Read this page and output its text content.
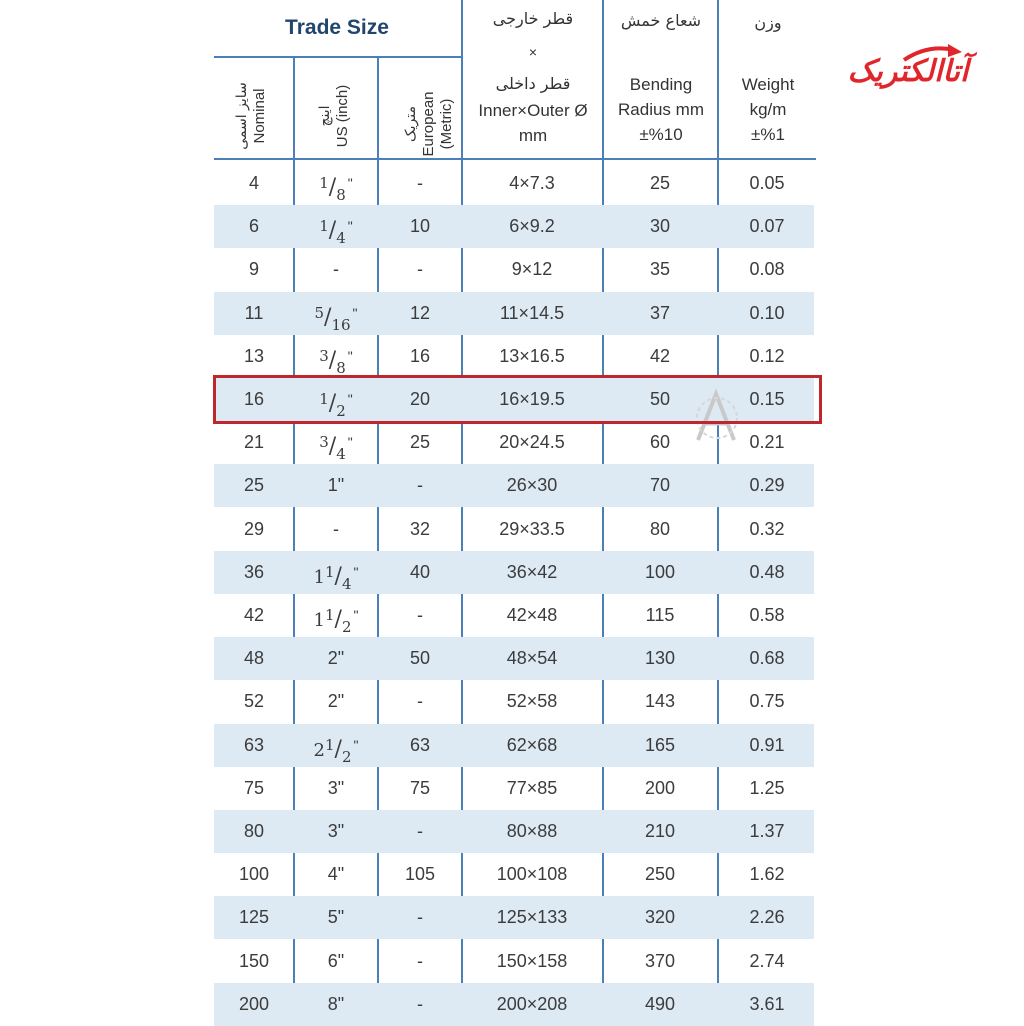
آتاالکتریک
Trade Size
سایز اسمی Nominal	اینچ US (inch)	متریک European (Metric)
قطر خارجی
×
قطر داخلی
Inner×Outer Ø
mm
شعاع خمش
Bending
Radius mm
±%10
وزن
Weight
kg/m
±%1
4	$^1/_8^"$	-	4×7.3	25	0.05
6	$^1/_4^"$	10	6×9.2	30	0.07
9	-	-	9×12	35	0.08
11	$^5/_{16}^"$	12	11×14.5	37	0.10
13	$^3/_8^"$	16	13×16.5	42	0.12
16	$^1/_2^"$	20	16×19.5	50	0.15
21	$^3/_4^"$	25	20×24.5	60	0.21
25	1"	-	26×30	70	0.29
29	-	32	29×33.5	80	0.32
36	$1^1/_4^"$	40	36×42	100	0.48
42	$1^1/_2^"$	-	42×48	115	0.58
48	2"	50	48×54	130	0.68
52	2"	-	52×58	143	0.75
63	$2^1/_2^"$	63	62×68	165	0.91
75	3"	75	77×85	200	1.25
80	3"	-	80×88	210	1.37
100	4"	105	100×108	250	1.62
125	5"	-	125×133	320	2.26
150	6"	-	150×158	370	2.74
200	8"	-	200×208	490	3.61
